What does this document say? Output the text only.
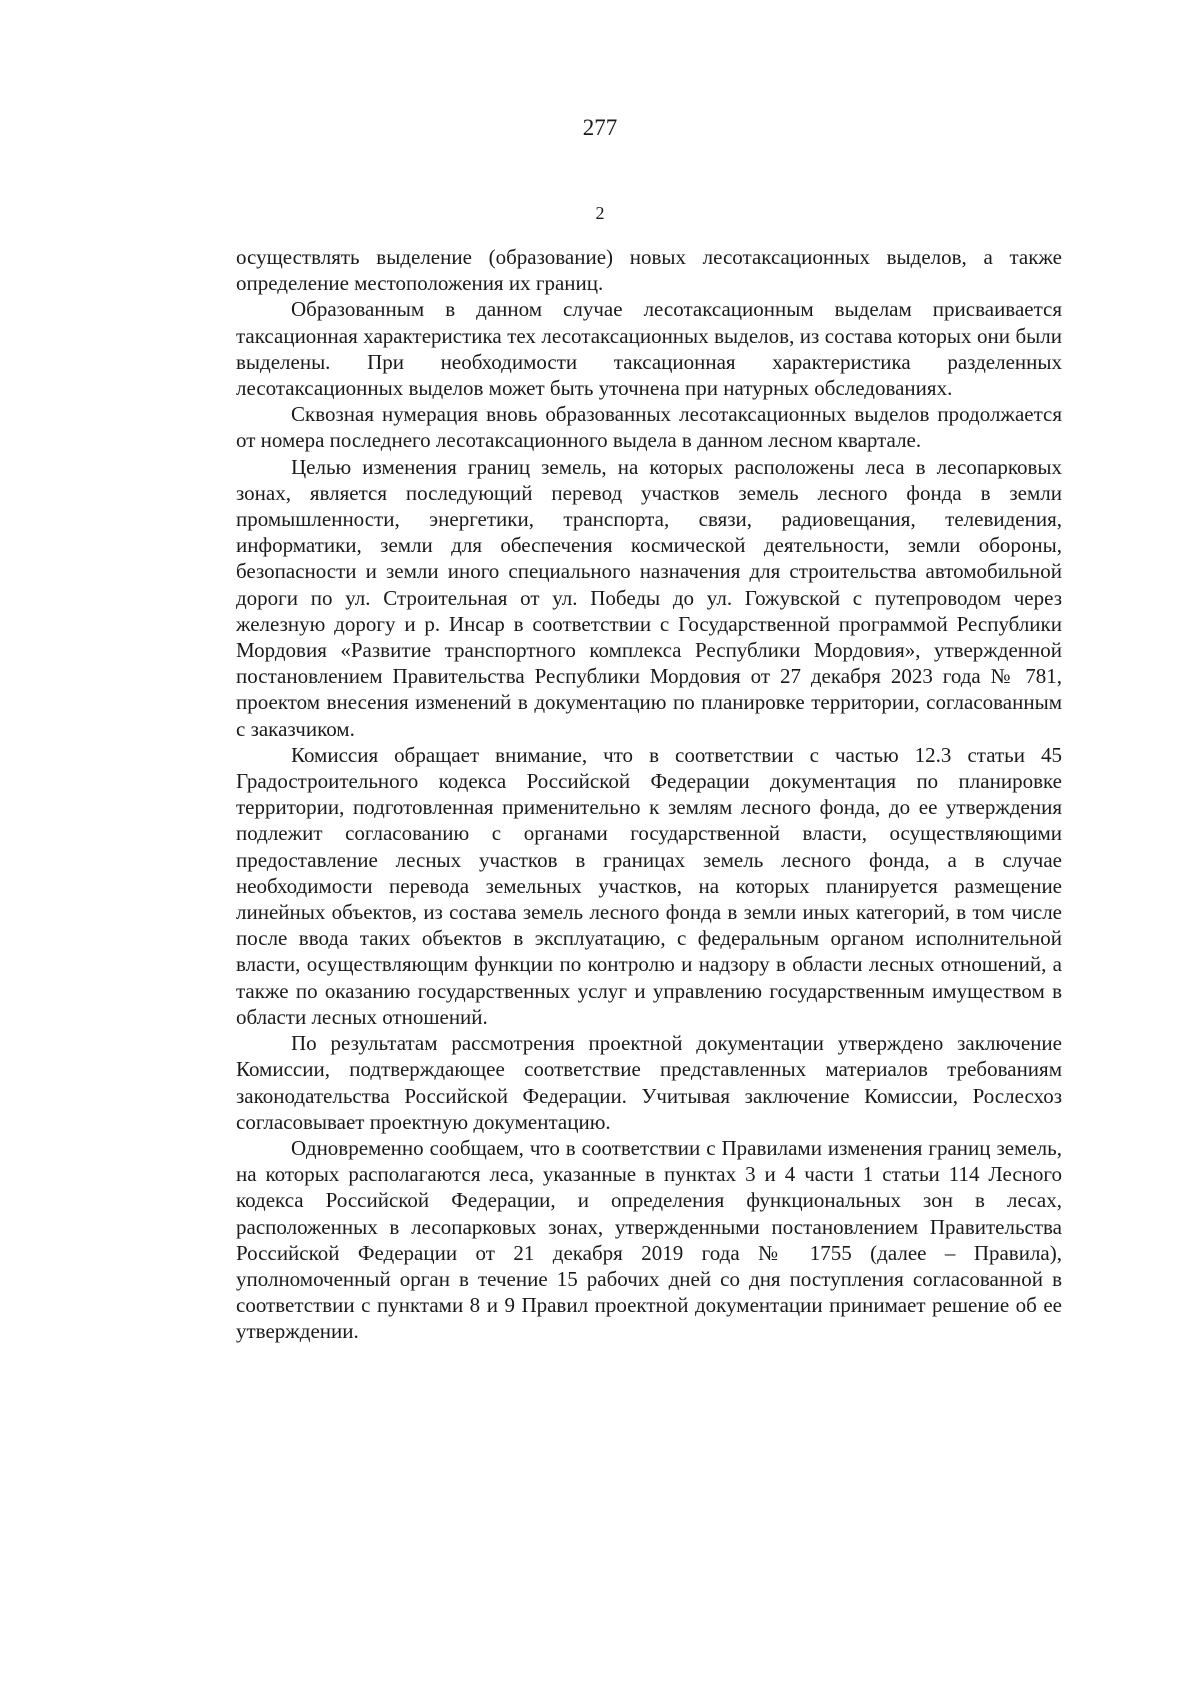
277
2

осуществлять выделение (образование) новых лесотаксационных выделов, а также определение местоположения их границ.

Образованным в данном случае лесотаксационным выделам присваивается таксационная характеристика тех лесотаксационных выделов, из состава которых они были выделены. При необходимости таксационная характеристика разделенных лесотаксационных выделов может быть уточнена при натурных обследованиях.

Сквозная нумерация вновь образованных лесотаксационных выделов продолжается от номера последнего лесотаксационного выдела в данном лесном квартале.

Целью изменения границ земель, на которых расположены леса в лесопарковых зонах, является последующий перевод участков земель лесного фонда в земли промышленности, энергетики, транспорта, связи, радиовещания, телевидения, информатики, земли для обеспечения космической деятельности, земли обороны, безопасности и земли иного специального назначения для строительства автомобильной дороги по ул. Строительная от ул. Победы до ул. Гожувской с путепроводом через железную дорогу и р. Инсар в соответствии с Государственной программой Республики Мордовия «Развитие транспортного комплекса Республики Мордовия», утвержденной постановлением Правительства Республики Мордовия от 27 декабря 2023 года № 781, проектом внесения изменений в документацию по планировке территории, согласованным с заказчиком.

Комиссия обращает внимание, что в соответствии с частью 12.3 статьи 45 Градостроительного кодекса Российской Федерации документация по планировке территории, подготовленная применительно к землям лесного фонда, до ее утверждения подлежит согласованию с органами государственной власти, осуществляющими предоставление лесных участков в границах земель лесного фонда, а в случае необходимости перевода земельных участков, на которых планируется размещение линейных объектов, из состава земель лесного фонда в земли иных категорий, в том числе после ввода таких объектов в эксплуатацию, с федеральным органом исполнительной власти, осуществляющим функции по контролю и надзору в области лесных отношений, а также по оказанию государственных услуг и управлению государственным имуществом в области лесных отношений.

По результатам рассмотрения проектной документации утверждено заключение Комиссии, подтверждающее соответствие представленных материалов требованиям законодательства Российской Федерации. Учитывая заключение Комиссии, Рослесхоз согласовывает проектную документацию.

Одновременно сообщаем, что в соответствии с Правилами изменения границ земель, на которых располагаются леса, указанные в пунктах 3 и 4 части 1 статьи 114 Лесного кодекса Российской Федерации, и определения функциональных зон в лесах, расположенных в лесопарковых зонах, утвержденными постановлением Правительства Российской Федерации от 21 декабря 2019 года № 1755 (далее – Правила), уполномоченный орган в течение 15 рабочих дней со дня поступления согласованной в соответствии с пунктами 8 и 9 Правил проектной документации принимает решение об ее утверждении.
